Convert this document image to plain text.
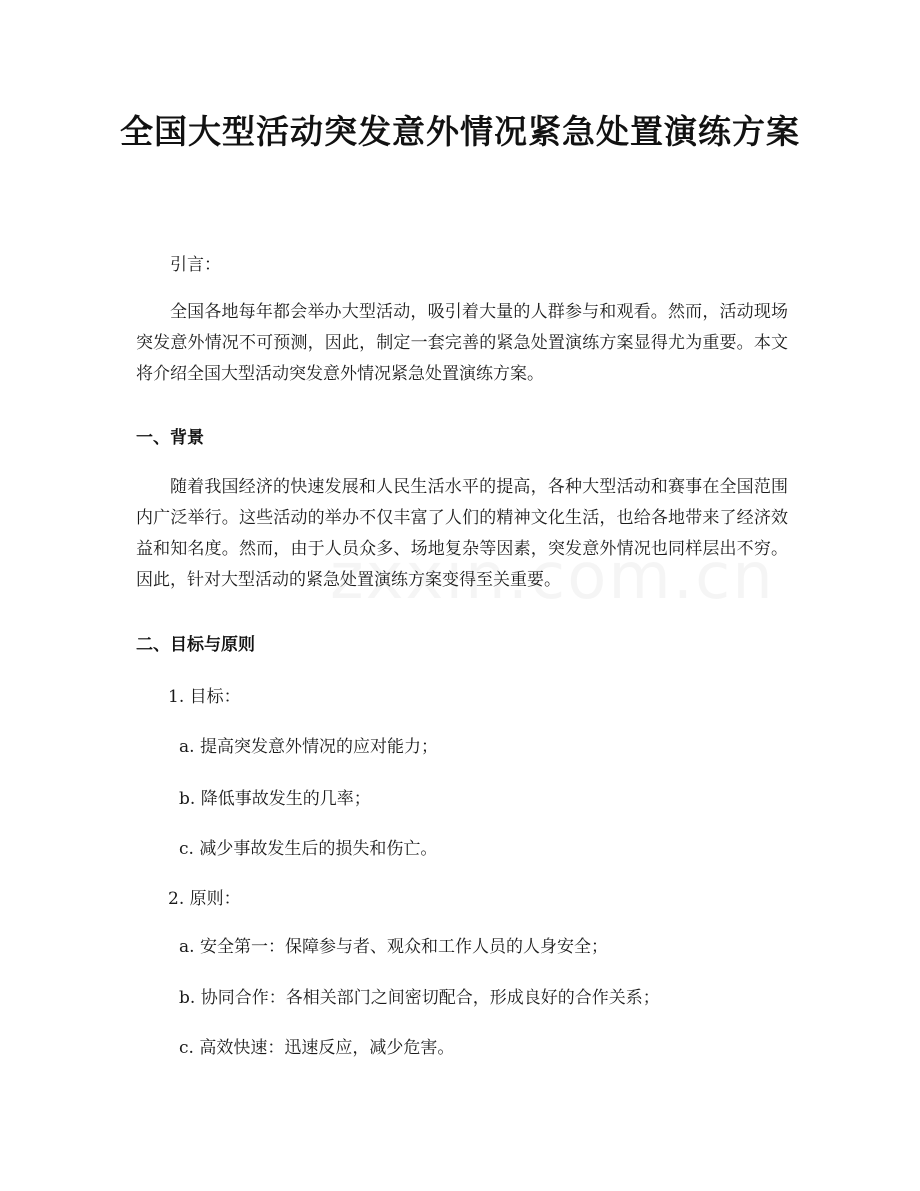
全国大型活动突发意外情况紧急处置演练方案
引言：
全国各地每年都会举办大型活动，吸引着大量的人群参与和观看。然而，活动现场突发意外情况不可预测，因此，制定一套完善的紧急处置演练方案显得尤为重要。本文将介绍全国大型活动突发意外情况紧急处置演练方案。
一、背景
随着我国经济的快速发展和人民生活水平的提高，各种大型活动和赛事在全国范围内广泛举行。这些活动的举办不仅丰富了人们的精神文化生活，也给各地带来了经济效益和知名度。然而，由于人员众多、场地复杂等因素，突发意外情况也同样层出不穷。因此，针对大型活动的紧急处置演练方案变得至关重要。
二、目标与原则
1. 目标：
a. 提高突发意外情况的应对能力；
b. 降低事故发生的几率；
c. 减少事故发生后的损失和伤亡。
2. 原则：
a. 安全第一：保障参与者、观众和工作人员的人身安全；
b. 协同合作：各相关部门之间密切配合，形成良好的合作关系；
c. 高效快速：迅速反应，减少危害。
